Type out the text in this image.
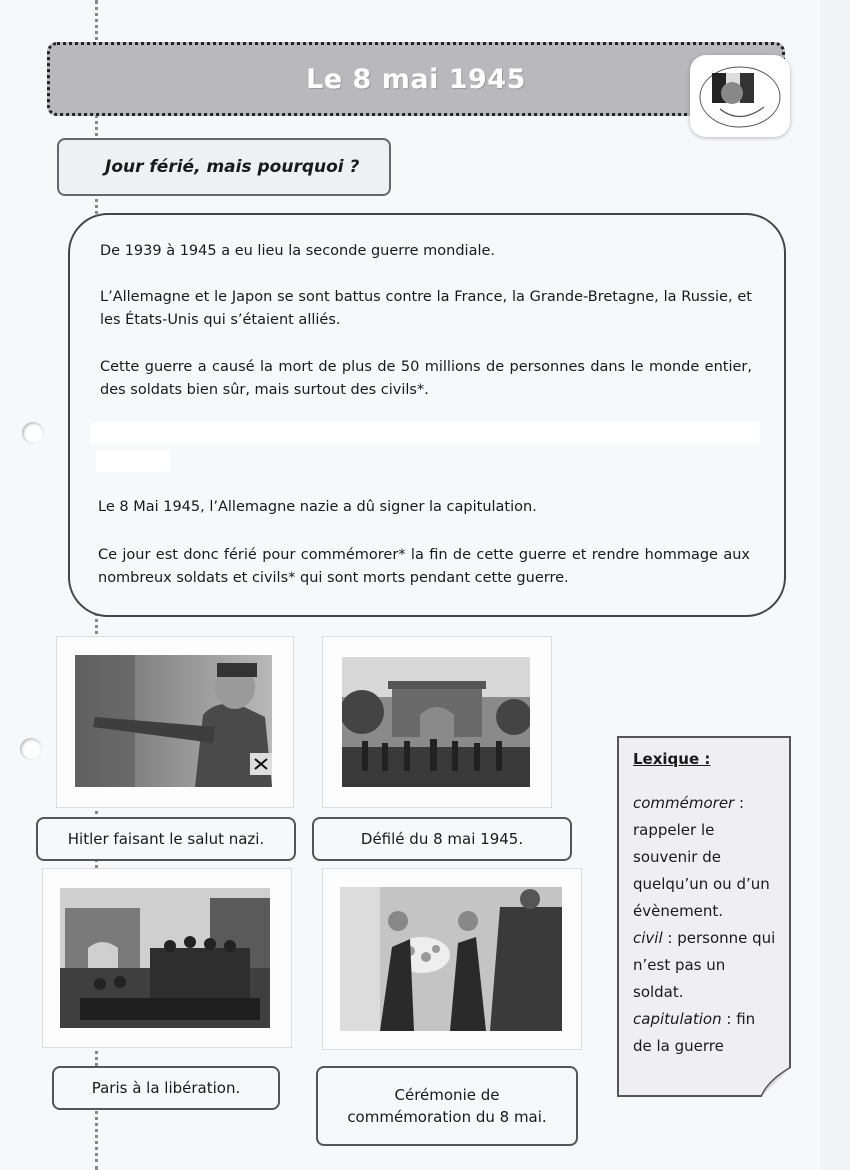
Le 8 mai 1945
Jour férié, mais pourquoi ?
De 1939 à 1945 a eu lieu la seconde guerre mondiale.
L’Allemagne et le Japon se sont battus contre la France, la Grande-Bretagne, la Russie, et les États-Unis qui s’étaient alliés.
Cette guerre a causé la mort de plus de 50 millions de personnes dans le monde entier, des soldats bien sûr, mais surtout des civils*.
Le 8 Mai 1945, l’Allemagne nazie a dû signer la capitulation.
Ce jour est donc férié pour commémorer* la fin de cette guerre et rendre hommage aux nombreux soldats et civils* qui sont morts pendant cette guerre.
Hitler faisant le salut nazi.	Défilé du 8 mai 1945.
Paris à la libération.	Cérémonie de
commémoration du 8 mai.
Lexique :
commémorer :
rappeler le
souvenir de
quelqu’un ou d’un
évènement.
civil : personne qui
n’est pas un
soldat.
capitulation : fin
de la guerre
